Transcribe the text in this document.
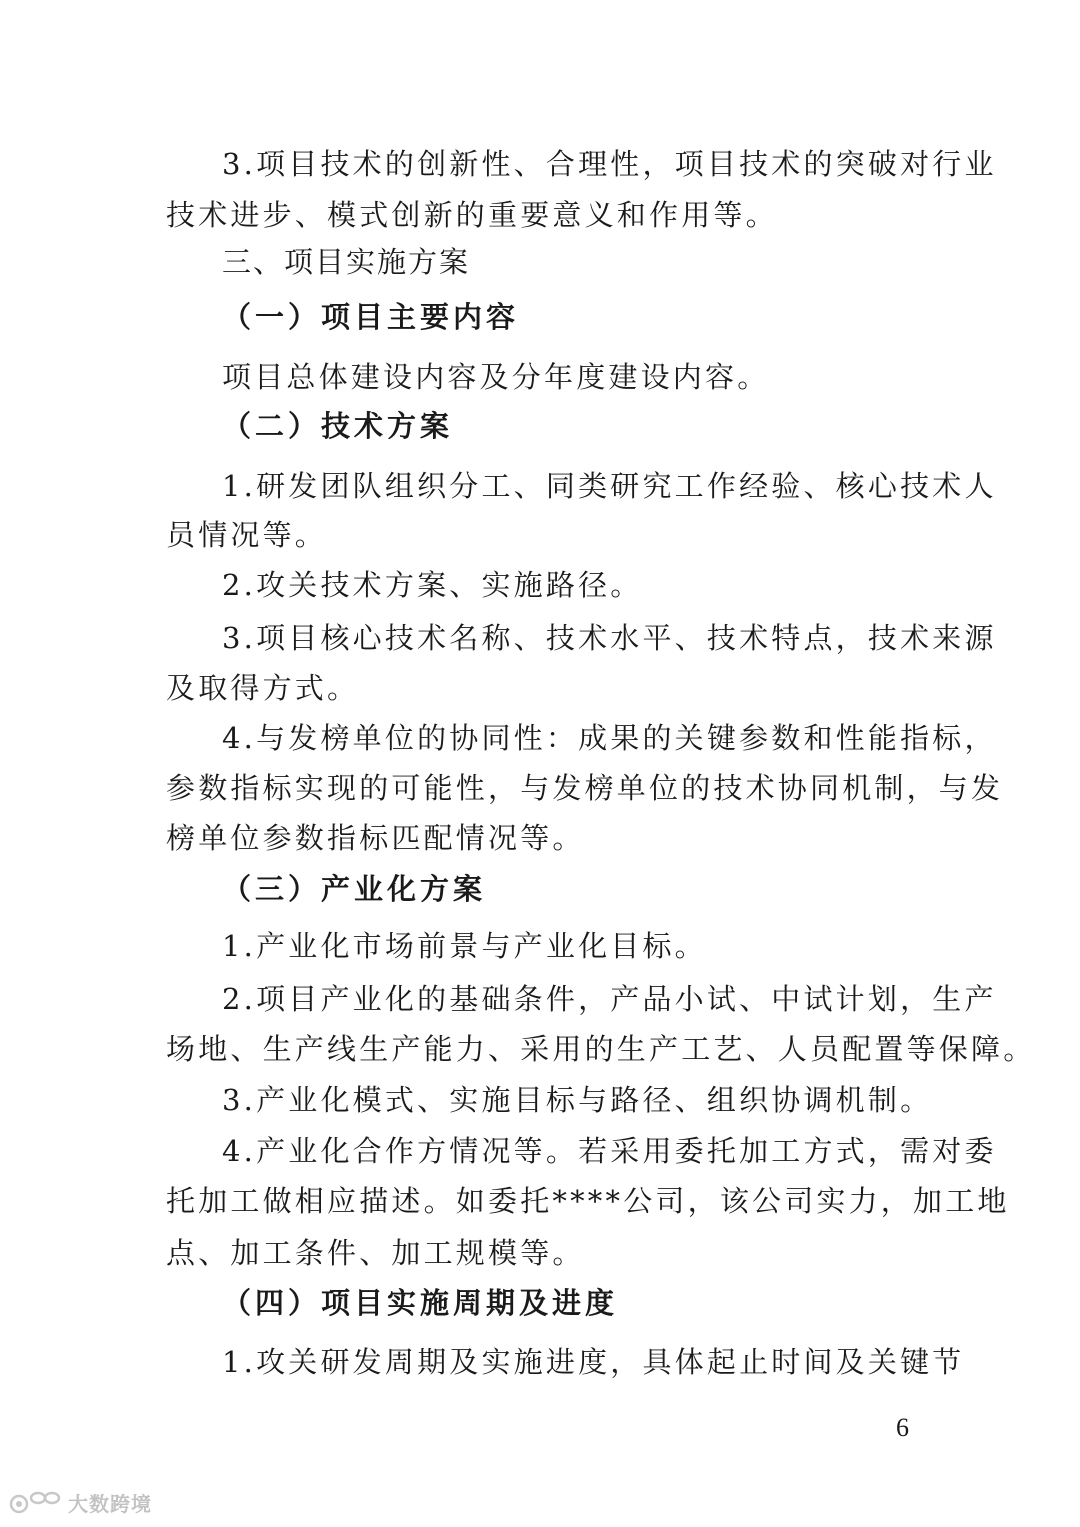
3.项目技术的创新性、合理性，项目技术的突破对行业
技术进步、模式创新的重要意义和作用等。
三、项目实施方案
（一）项目主要内容
项目总体建设内容及分年度建设内容。
（二）技术方案
1.研发团队组织分工、同类研究工作经验、核心技术人
员情况等。
2.攻关技术方案、实施路径。
3.项目核心技术名称、技术水平、技术特点，技术来源
及取得方式。
4.与发榜单位的协同性：成果的关键参数和性能指标，
参数指标实现的可能性，与发榜单位的技术协同机制，与发
榜单位参数指标匹配情况等。
（三）产业化方案
1.产业化市场前景与产业化目标。
2.项目产业化的基础条件，产品小试、中试计划，生产
场地、生产线生产能力、采用的生产工艺、人员配置等保障。
3.产业化模式、实施目标与路径、组织协调机制。
4.产业化合作方情况等。若采用委托加工方式，需对委
托加工做相应描述。如委托****公司，该公司实力，加工地
点、加工条件、加工规模等。
（四）项目实施周期及进度
1.攻关研发周期及实施进度，具体起止时间及关键节
6
大数跨境
